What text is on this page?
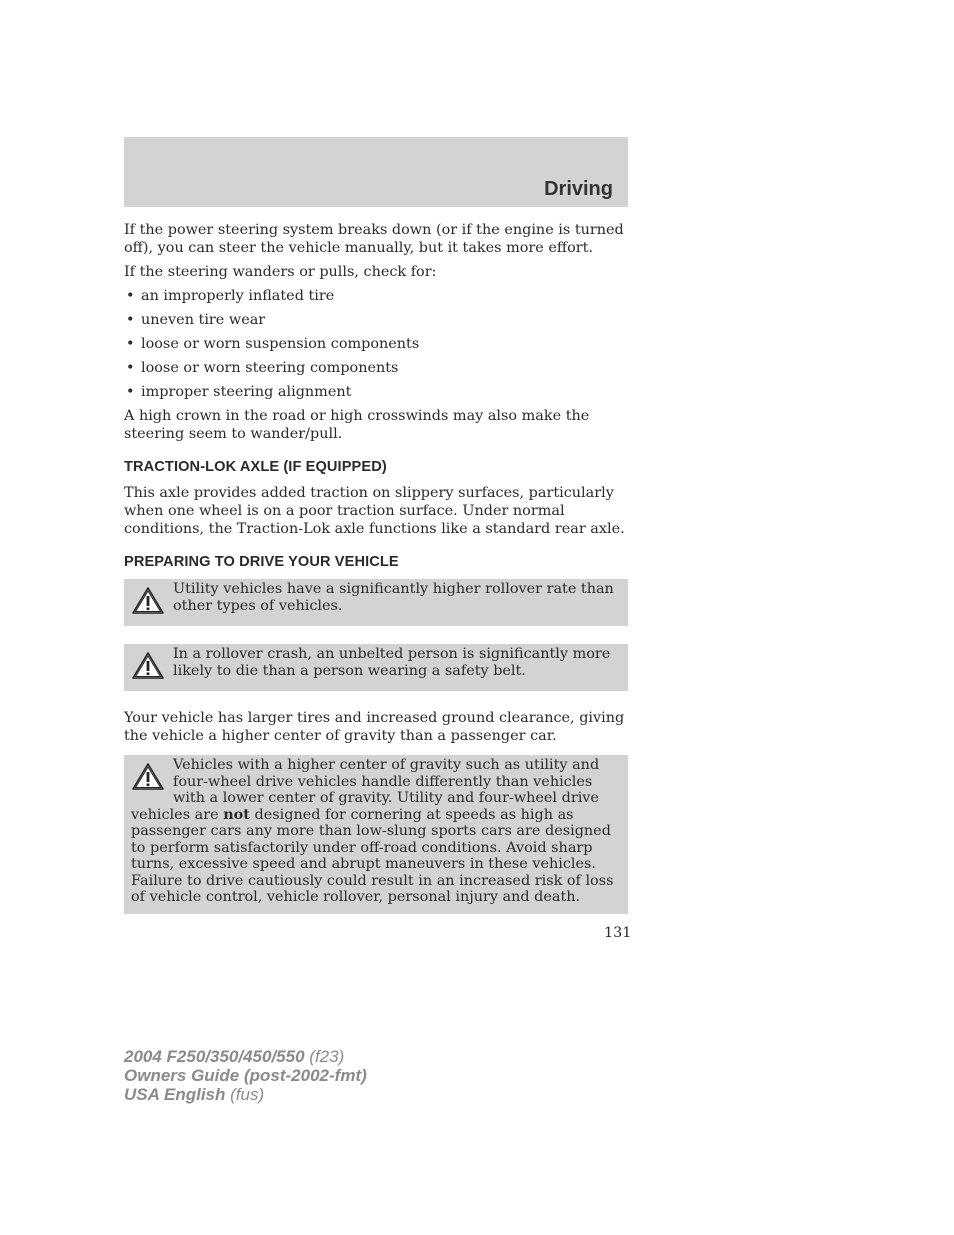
Driving

If the power steering system breaks down (or if the engine is turned off), you can steer the vehicle manually, but it takes more effort.

If the steering wanders or pulls, check for:

• an improperly inflated tire
• uneven tire wear
• loose or worn suspension components
• loose or worn steering components
• improper steering alignment

A high crown in the road or high crosswinds may also make the steering seem to wander/pull.

TRACTION-LOK AXLE (IF EQUIPPED)

This axle provides added traction on slippery surfaces, particularly when one wheel is on a poor traction surface. Under normal conditions, the Traction-Lok axle functions like a standard rear axle.

PREPARING TO DRIVE YOUR VEHICLE
Utility vehicles have a significantly higher rollover rate than other types of vehicles.
In a rollover crash, an unbelted person is significantly more likely to die than a person wearing a safety belt.

Your vehicle has larger tires and increased ground clearance, giving the vehicle a higher center of gravity than a passenger car.

Vehicles with a higher center of gravity such as utility and four-wheel drive vehicles handle differently than vehicles with a lower center of gravity. Utility and four-wheel drive vehicles are not designed for cornering at speeds as high as passenger cars any more than low-slung sports cars are designed to perform satisfactorily under off-road conditions. Avoid sharp turns, excessive speed and abrupt maneuvers in these vehicles. Failure to drive cautiously could result in an increased risk of loss of vehicle control, vehicle rollover, personal injury and death.
131
2004 F250/350/450/550 (f23)
Owners Guide (post-2002-fmt)
USA English (fus)
